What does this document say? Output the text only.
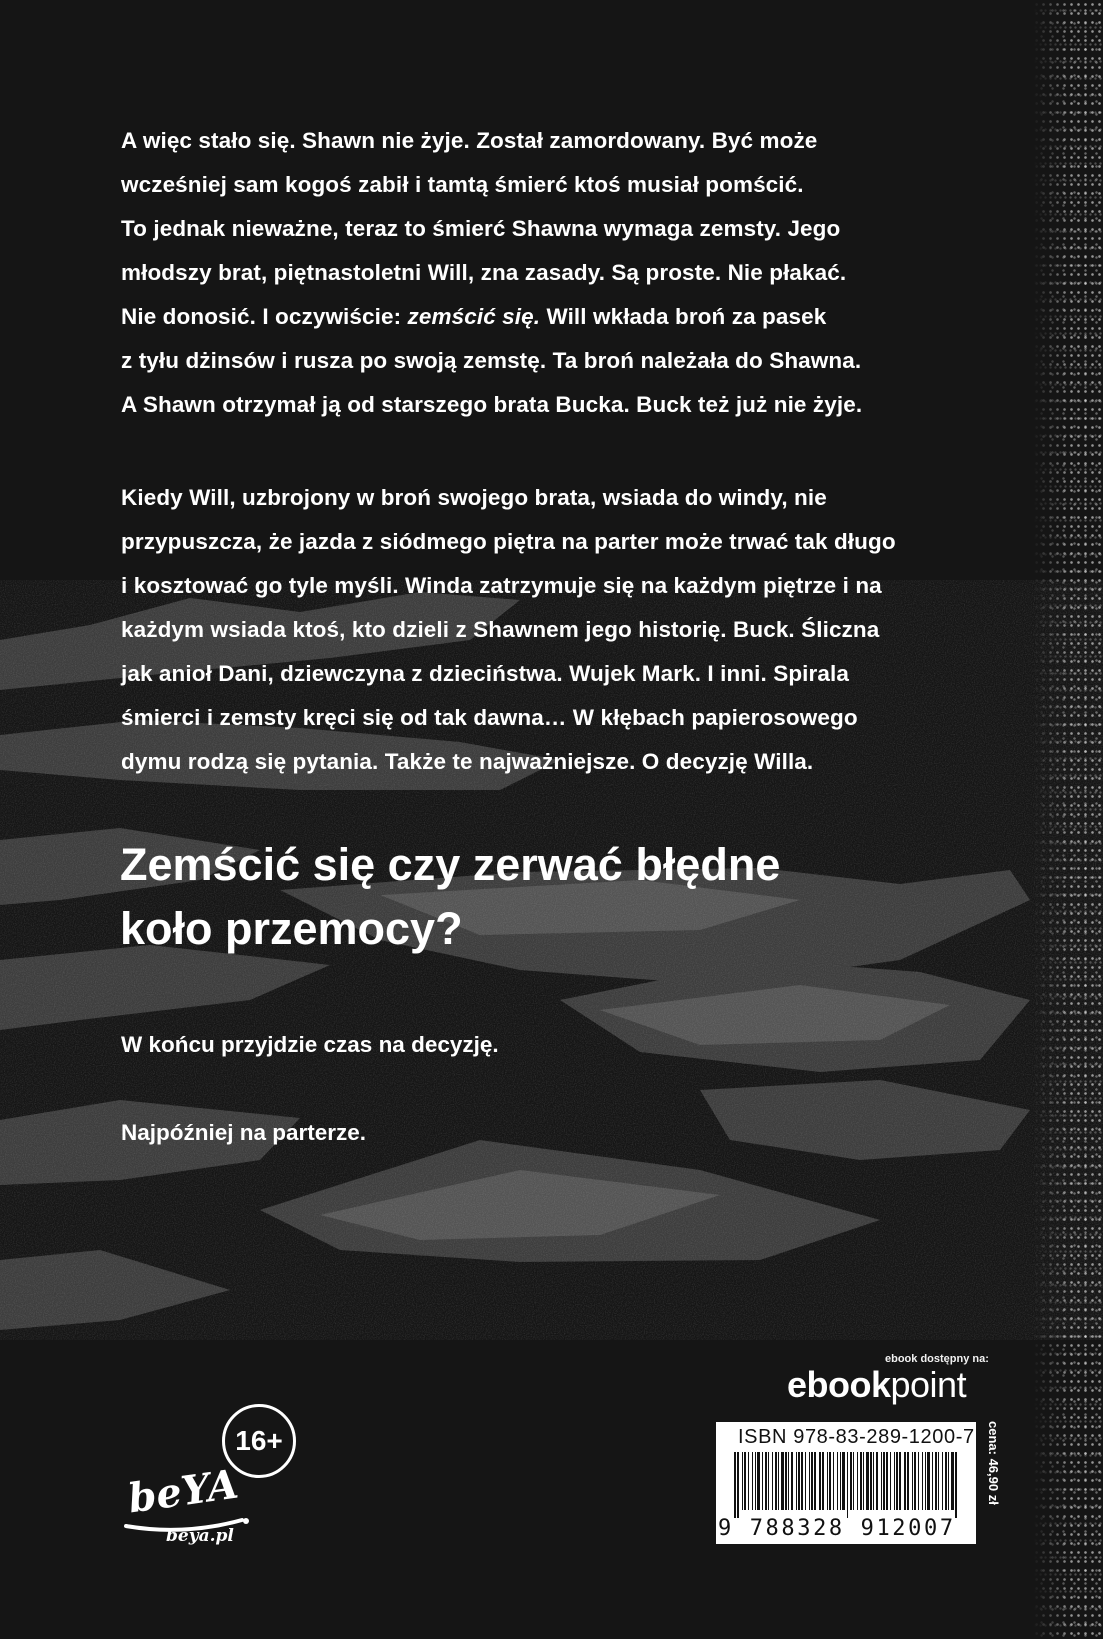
A więc stało się. Shawn nie żyje. Został zamordowany. Być może
wcześniej sam kogoś zabił i tamtą śmierć ktoś musiał pomścić.
To jednak nieważne, teraz to śmierć Shawna wymaga zemsty. Jego
młodszy brat, piętnastoletni Will, zna zasady. Są proste. Nie płakać.
Nie donosić. I oczywiście: zemścić się. Will wkłada broń za pasek
z tyłu dżinsów i rusza po swoją zemstę. Ta broń należała do Shawna.
A Shawn otrzymał ją od starszego brata Bucka. Buck też już nie żyje.
Kiedy Will, uzbrojony w broń swojego brata, wsiada do windy, nie
przypuszcza, że jazda z siódmego piętra na parter może trwać tak długo
i kosztować go tyle myśli. Winda zatrzymuje się na każdym piętrze i na
każdym wsiada ktoś, kto dzieli z Shawnem jego historię. Buck. Śliczna
jak anioł Dani, dziewczyna z dzieciństwa. Wujek Mark. I inni. Spirala
śmierci i zemsty kręci się od tak dawna… W kłębach papierosowego
dymu rodzą się pytania. Także te najważniejsze. O decyzję Willa.
Zemścić się czy zerwać błędne
koło przemocy?
W końcu przyjdzie czas na decyzję.
Najpóźniej na parterze.
ebook dostępny na:
ebookpoint
ISBN 978-83-289-1200-7
9 788328 912007
cena: 46,90 zł
beYA
beya.pl
16+
